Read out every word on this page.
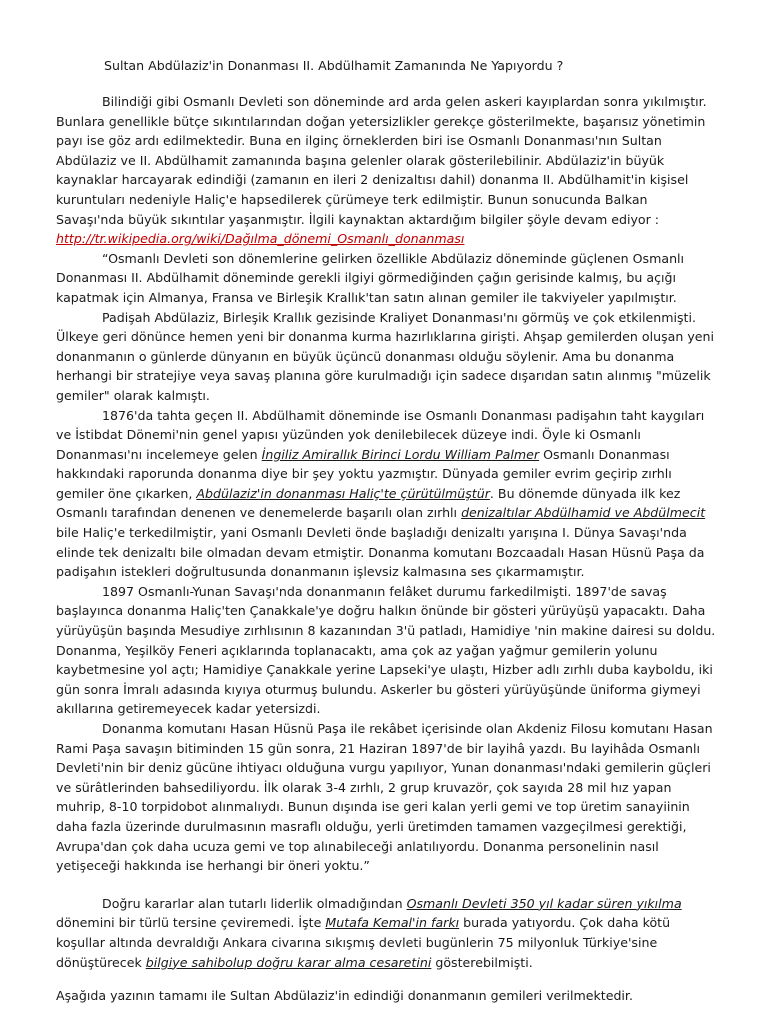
Sultan Abdülaziz'in Donanması II. Abdülhamit Zamanında Ne Yapıyordu ?

Bilindiği gibi Osmanlı Devleti son döneminde ard arda gelen askeri kayıplardan sonra yıkılmıştır. Bunlara genellikle bütçe sıkıntılarından doğan yetersizlikler gerekçe gösterilmekte, başarısız yönetimin payı ise göz ardı edilmektedir. Buna en ilginç örneklerden biri ise Osmanlı Donanması'nın Sultan Abdülaziz ve II. Abdülhamit zamanında başına gelenler olarak gösterilebilinir. Abdülaziz'in büyük kaynaklar harcayarak edindiği (zamanın en ileri 2 denizaltısı dahil) donanma II. Abdülhamit'in kişisel kuruntuları nedeniyle Haliç'e hapsedilerek çürümeye terk edilmiştir. Bunun sonucunda Balkan Savaşı'nda büyük sıkıntılar yaşanmıştır. İlgili kaynaktan aktardığım bilgiler şöyle devam ediyor :

http://tr.wikipedia.org/wiki/Dağılma_dönemi_Osmanlı_donanması

“Osmanlı Devleti son dönemlerine gelirken özellikle Abdülaziz döneminde güçlenen Osmanlı Donanması II. Abdülhamit döneminde gerekli ilgiyi görmediğinden çağın gerisinde kalmış, bu açığı kapatmak için Almanya, Fransa ve Birleşik Krallık'tan satın alınan gemiler ile takviyeler yapılmıştır.

Padişah Abdülaziz, Birleşik Krallık gezisinde Kraliyet Donanması'nı görmüş ve çok etkilenmişti. Ülkeye geri dönünce hemen yeni bir donanma kurma hazırlıklarına girişti. Ahşap gemilerden oluşan yeni donanmanın o günlerde dünyanın en büyük üçüncü donanması olduğu söylenir. Ama bu donanma herhangi bir stratejiye veya savaş planına göre kurulmadığı için sadece dışarıdan satın alınmış "müzelik gemiler" olarak kalmıştı.

1876'da tahta geçen II. Abdülhamit döneminde ise Osmanlı Donanması padişahın taht kaygıları ve İstibdat Dönemi'nin genel yapısı yüzünden yok denilebilecek düzeye indi. Öyle ki Osmanlı Donanması'nı incelemeye gelen İngiliz Amirallık Birinci Lordu William Palmer Osmanlı Donanması hakkındaki raporunda donanma diye bir şey yoktu yazmıştır. Dünyada gemiler evrim geçirip zırhlı gemiler öne çıkarken, Abdülaziz'in donanması Haliç'te çürütülmüştür. Bu dönemde dünyada ilk kez Osmanlı tarafından denenen ve denemelerde başarılı olan zırhlı denizaltılar Abdülhamid ve Abdülmecit bile Haliç'e terkedilmiştir, yani Osmanlı Devleti önde başladığı denizaltı yarışına I. Dünya Savaşı'nda elinde tek denizaltı bile olmadan devam etmiştir. Donanma komutanı Bozcaadalı Hasan Hüsnü Paşa da padişahın istekleri doğrultusunda donanmanın işlevsiz kalmasına ses çıkarmamıştır.

1897 Osmanlı-Yunan Savaşı'nda donanmanın felâket durumu farkedilmişti. 1897'de savaş başlayınca donanma Haliç'ten Çanakkale'ye doğru halkın önünde bir gösteri yürüyüşü yapacaktı. Daha yürüyüşün başında Mesudiye zırhlısının 8 kazanından 3'ü patladı, Hamidiye 'nin makine dairesi su doldu. Donanma, Yeşilköy Feneri açıklarında toplanacaktı, ama çok az yağan yağmur gemilerin yolunu kaybetmesine yol açtı; Hamidiye Çanakkale yerine Lapseki'ye ulaştı, Hizber adlı zırhlı duba kayboldu, iki gün sonra İmralı adasında kıyıya oturmuş bulundu. Askerler bu gösteri yürüyüşünde üniforma giymeyi akıllarına getiremeyecek kadar yetersizdi.

Donanma komutanı Hasan Hüsnü Paşa ile rekâbet içerisinde olan Akdeniz Filosu komutanı Hasan Rami Paşa savaşın bitiminden 15 gün sonra, 21 Haziran 1897'de bir layihâ yazdı. Bu layihâda Osmanlı Devleti'nin bir deniz gücüne ihtiyacı olduğuna vurgu yapılıyor, Yunan donanması'ndaki gemilerin güçleri ve sürâtlerinden bahsediliyordu. İlk olarak 3-4 zırhlı, 2 grup kruvazör, çok sayıda 28 mil hız yapan muhrip, 8-10 torpidobot alınmalıydı. Bunun dışında ise geri kalan yerli gemi ve top üretim sanayiinin daha fazla üzerinde durulmasının masraflı olduğu, yerli üretimden tamamen vazgeçilmesi gerektiği, Avrupa'dan çok daha ucuza gemi ve top alınabileceği anlatılıyordu. Donanma personelinin nasıl yetişeceği hakkında ise herhangi bir öneri yoktu.”

Doğru kararlar alan tutarlı liderlik olmadığından Osmanlı Devleti 350 yıl kadar süren yıkılma dönemini bir türlü tersine çeviremedi. İşte Mutafa Kemal'in farkı burada yatıyordu. Çok daha kötü koşullar altında devraldığı Ankara civarına sıkışmış devleti bugünlerin 75 milyonluk Türkiye'sine dönüştürecek bilgiye sahibolup doğru karar alma cesaretini gösterebilmişti.

Aşağıda yazının tamamı ile Sultan Abdülaziz'in edindiği donanmanın gemileri verilmektedir.
